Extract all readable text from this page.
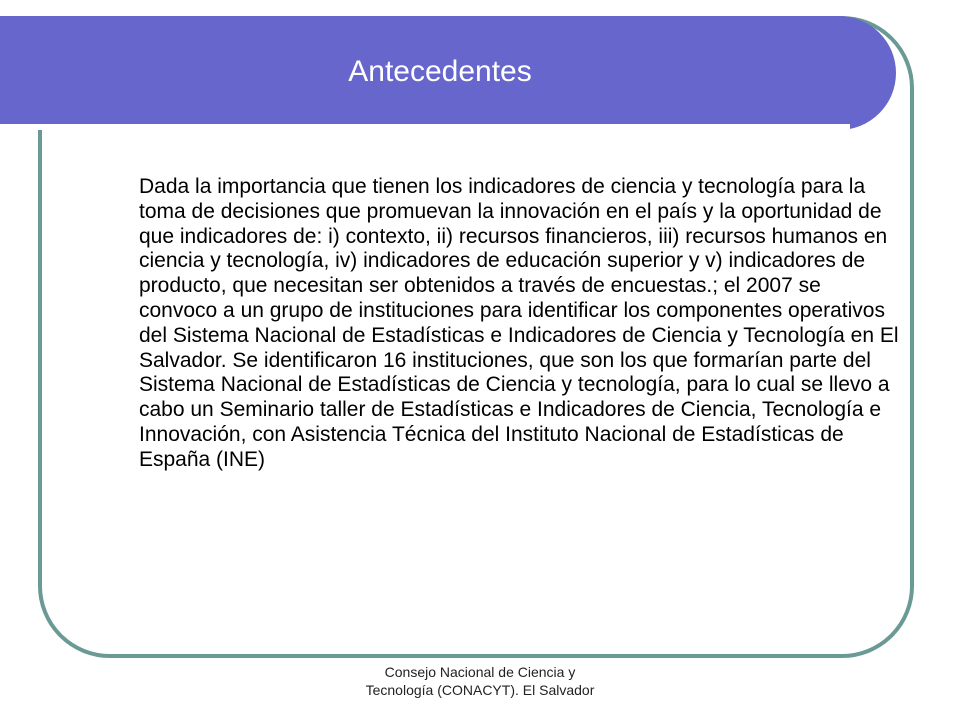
Antecedentes

Dada la importancia que tienen los indicadores de ciencia y tecnología para la toma de decisiones que promuevan la innovación en el país y la oportunidad de que indicadores de: i) contexto, ii) recursos financieros, iii) recursos humanos en ciencia y tecnología, iv) indicadores de educación superior y v) indicadores de producto, que necesitan ser obtenidos a través de encuestas.; el 2007 se convoco a un grupo de instituciones para identificar los componentes operativos del Sistema Nacional de Estadísticas e Indicadores de Ciencia y Tecnología en El Salvador. Se identificaron 16 instituciones, que son los que formarían parte del Sistema Nacional de Estadísticas de Ciencia y tecnología, para lo cual se llevo a cabo un Seminario taller de Estadísticas e Indicadores de Ciencia, Tecnología e Innovación, con Asistencia Técnica del Instituto Nacional de Estadísticas de España (INE)

Consejo Nacional de Ciencia y
Tecnología (CONACYT). El Salvador
